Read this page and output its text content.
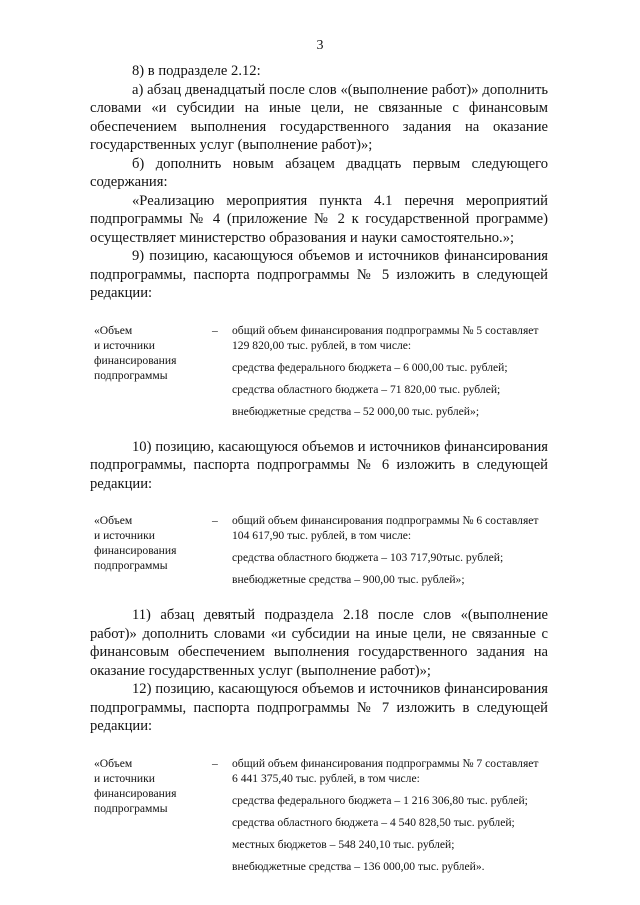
3

8) в подразделе 2.12:

а) абзац двенадцатый после слов «(выполнение работ)» дополнить словами «и субсидии на иные цели, не связанные с финансовым обеспечением выполнения государственного задания на оказание государственных услуг (выполнение работ)»;

б) дополнить новым абзацем двадцать первым следующего содержания:

«Реализацию мероприятия пункта 4.1 перечня мероприятий подпрограммы № 4 (приложение № 2 к государственной программе) осуществляет министерство образования и науки самостоятельно.»;

9) позицию, касающуюся объемов и источников финансирования подпрограммы, паспорта подпрограммы № 5 изложить в следующей редакции:

«Объем
и источники
финансирования
подпрограммы
–	общий объем финансирования подпрограммы № 5 составляет
129 820,00 тыс. рублей, в том числе:
средства федерального бюджета – 6 000,00 тыс. рублей;
средства областного бюджета – 71 820,00 тыс. рублей;
внебюджетные средства – 52 000,00 тыс. рублей»;

10) позицию, касающуюся объемов и источников финансирования подпрограммы, паспорта подпрограммы № 6 изложить в следующей редакции:

«Объем
и источники
финансирования
подпрограммы
–	общий объем финансирования подпрограммы № 6 составляет
104 617,90 тыс. рублей, в том числе:
средства областного бюджета – 103 717,90тыс. рублей;
внебюджетные средства – 900,00 тыс. рублей»;

11) абзац девятый подраздела 2.18 после слов «(выполнение работ)» дополнить словами «и субсидии на иные цели, не связанные с финансовым обеспечением выполнения государственного задания на оказание государственных услуг (выполнение работ)»;

12) позицию, касающуюся объемов и источников финансирования подпрограммы, паспорта подпрограммы № 7 изложить в следующей редакции:

«Объем
и источники
финансирования
подпрограммы
–	общий объем финансирования подпрограммы № 7 составляет
6 441 375,40 тыс. рублей, в том числе:
средства федерального бюджета – 1 216 306,80 тыс. рублей;
средства областного бюджета – 4 540 828,50 тыс. рублей;
местных бюджетов – 548 240,10 тыс. рублей;
внебюджетные средства – 136 000,00 тыс. рублей».
